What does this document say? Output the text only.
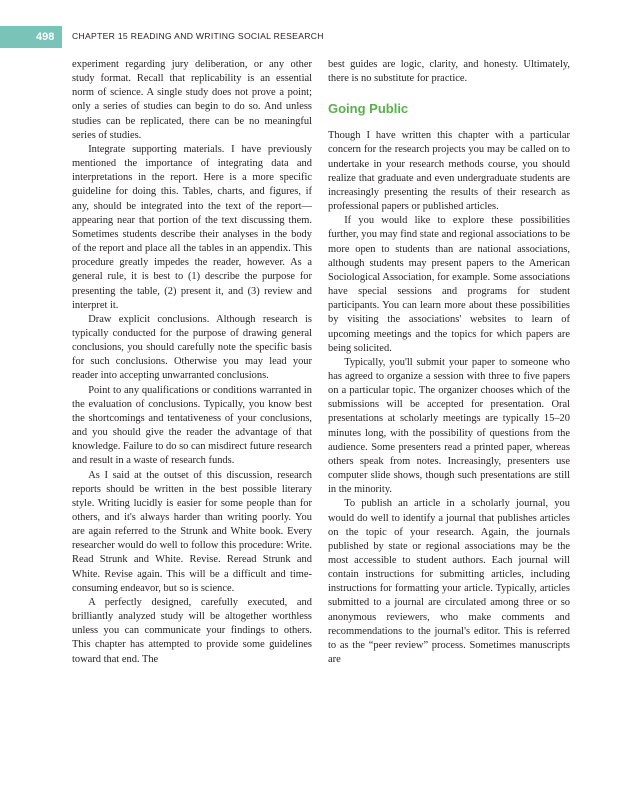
498 CHAPTER 15 READING AND WRITING SOCIAL RESEARCH

experiment regarding jury deliberation, or any other study format. Recall that replicability is an essential norm of science. A single study does not prove a point; only a series of studies can begin to do so. And unless studies can be replicated, there can be no meaningful series of studies.

Integrate supporting materials. I have previously mentioned the importance of integrating data and interpretations in the report. Here is a more specific guideline for doing this. Tables, charts, and figures, if any, should be integrated into the text of the report—appearing near that portion of the text discussing them. Sometimes students describe their analyses in the body of the report and place all the tables in an appendix. This procedure greatly impedes the reader, however. As a general rule, it is best to (1) describe the purpose for presenting the table, (2) present it, and (3) review and interpret it.

Draw explicit conclusions. Although research is typically conducted for the purpose of drawing general conclusions, you should carefully note the specific basis for such conclusions. Otherwise you may lead your reader into accepting unwarranted conclusions.

Point to any qualifications or conditions warranted in the evaluation of conclusions. Typically, you know best the shortcomings and tentativeness of your conclusions, and you should give the reader the advantage of that knowledge. Failure to do so can misdirect future research and result in a waste of research funds.

As I said at the outset of this discussion, research reports should be written in the best possible literary style. Writing lucidly is easier for some people than for others, and it's always harder than writing poorly. You are again referred to the Strunk and White book. Every researcher would do well to follow this procedure: Write. Read Strunk and White. Revise. Reread Strunk and White. Revise again. This will be a difficult and time-consuming endeavor, but so is science.

A perfectly designed, carefully executed, and brilliantly analyzed study will be altogether worthless unless you can communicate your findings to others. This chapter has attempted to provide some guidelines toward that end. The

best guides are logic, clarity, and honesty. Ultimately, there is no substitute for practice.

Going Public

Though I have written this chapter with a particular concern for the research projects you may be called on to undertake in your research methods course, you should realize that graduate and even undergraduate students are increasingly presenting the results of their research as professional papers or published articles.

If you would like to explore these possibilities further, you may find state and regional associations to be more open to students than are national associations, although students may present papers to the American Sociological Association, for example. Some associations have special sessions and programs for student participants. You can learn more about these possibilities by visiting the associations' websites to learn of upcoming meetings and the topics for which papers are being solicited.

Typically, you'll submit your paper to someone who has agreed to organize a session with three to five papers on a particular topic. The organizer chooses which of the submissions will be accepted for presentation. Oral presentations at scholarly meetings are typically 15–20 minutes long, with the possibility of questions from the audience. Some presenters read a printed paper, whereas others speak from notes. Increasingly, presenters use computer slide shows, though such presentations are still in the minority.

To publish an article in a scholarly journal, you would do well to identify a journal that publishes articles on the topic of your research. Again, the journals published by state or regional associations may be the most accessible to student authors. Each journal will contain instructions for submitting articles, including instructions for formatting your article. Typically, articles submitted to a journal are circulated among three or so anonymous reviewers, who make comments and recommendations to the journal's editor. This is referred to as the “peer review” process. Sometimes manuscripts are
